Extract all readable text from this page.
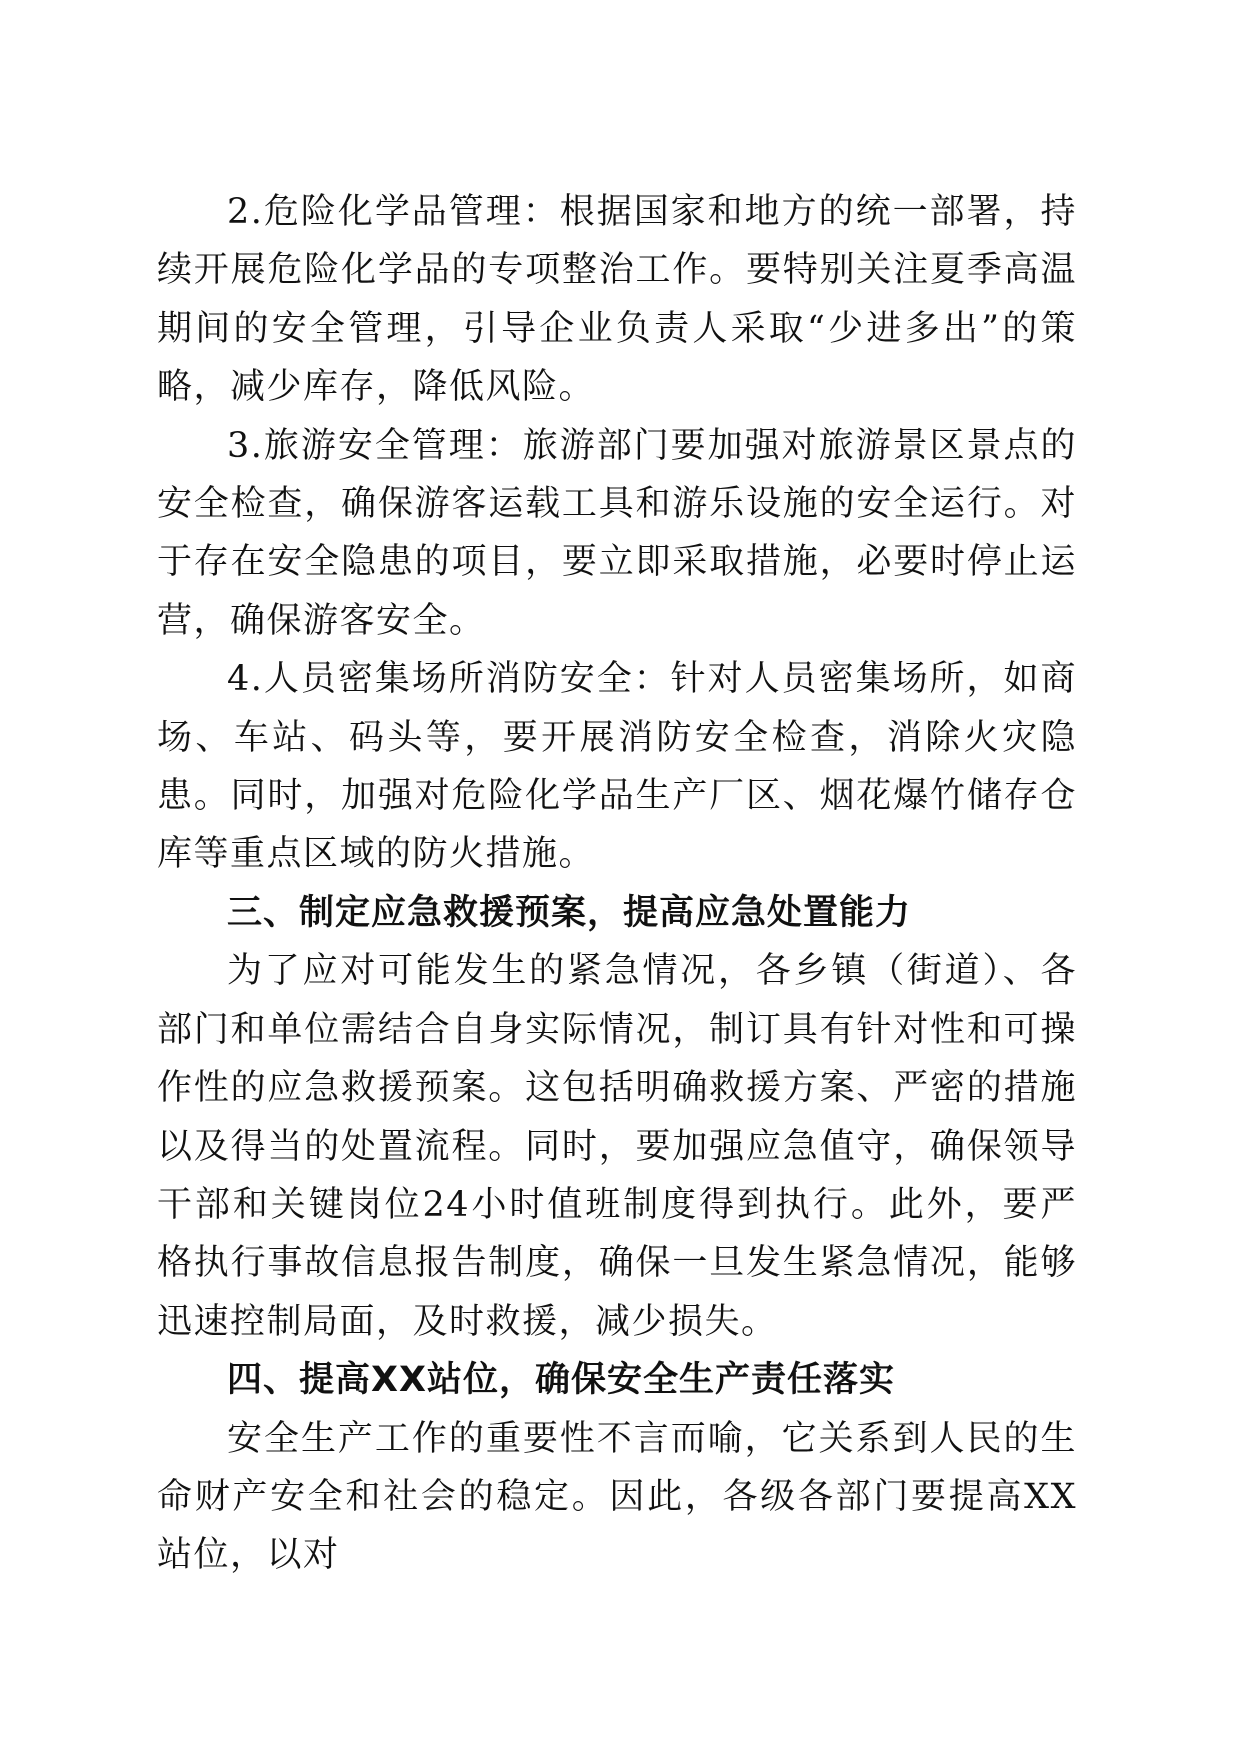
2.危险化学品管理：根据国家和地方的统一部署，持续开展危险化学品的专项整治工作。要特别关注夏季高温期间的安全管理，引导企业负责人采取“少进多出”的策略，减少库存，降低风险。

3.旅游安全管理：旅游部门要加强对旅游景区景点的安全检查，确保游客运载工具和游乐设施的安全运行。对于存在安全隐患的项目，要立即采取措施，必要时停止运营，确保游客安全。

4.人员密集场所消防安全：针对人员密集场所，如商场、车站、码头等，要开展消防安全检查，消除火灾隐患。同时，加强对危险化学品生产厂区、烟花爆竹储存仓库等重点区域的防火措施。

三、制定应急救援预案，提高应急处置能力

为了应对可能发生的紧急情况，各乡镇（街道）、各部门和单位需结合自身实际情况，制订具有针对性和可操作性的应急救援预案。这包括明确救援方案、严密的措施以及得当的处置流程。同时，要加强应急值守，确保领导干部和关键岗位24小时值班制度得到执行。此外，要严格执行事故信息报告制度，确保一旦发生紧急情况，能够迅速控制局面，及时救援，减少损失。

四、提高XX站位，确保安全生产责任落实

安全生产工作的重要性不言而喻，它关系到人民的生命财产安全和社会的稳定。因此，各级各部门要提高XX站位，以对
